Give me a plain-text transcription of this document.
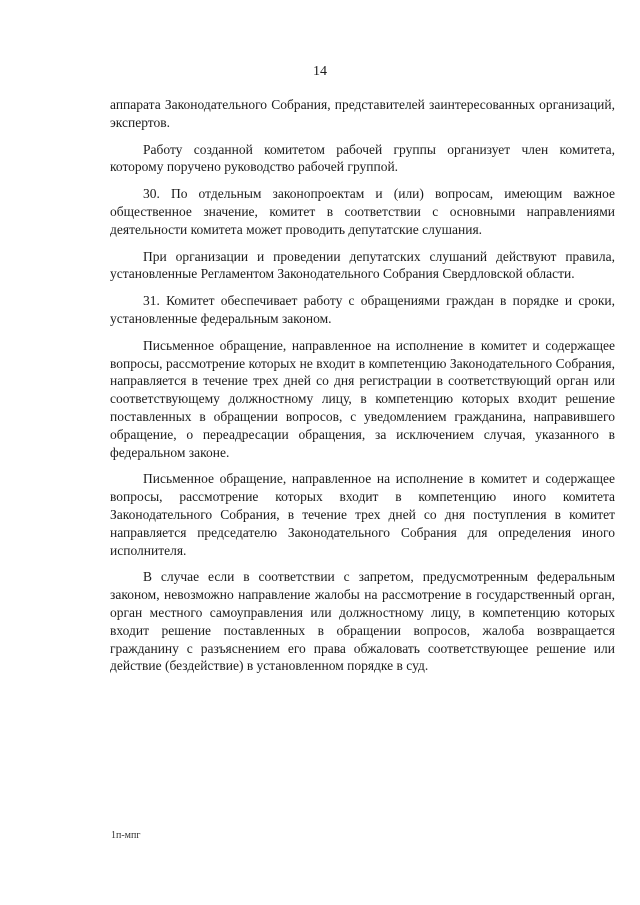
14

аппарата Законодательного Собрания, представителей заинтересованных организаций, экспертов.

Работу созданной комитетом рабочей группы организует член комитета, которому поручено руководство рабочей группой.

30. По отдельным законопроектам и (или) вопросам, имеющим важное общественное значение, комитет в соответствии с основными направлениями деятельности комитета может проводить депутатские слушания.

При организации и проведении депутатских слушаний действуют правила, установленные Регламентом Законодательного Собрания Свердловской области.

31. Комитет обеспечивает работу с обращениями граждан в порядке и сроки, установленные федеральным законом.

Письменное обращение, направленное на исполнение в комитет и содержащее вопросы, рассмотрение которых не входит в компетенцию Законодательного Собрания, направляется в течение трех дней со дня регистрации в соответствующий орган или соответствующему должностному лицу, в компетенцию которых входит решение поставленных в обращении вопросов, с уведомлением гражданина, направившего обращение, о переадресации обращения, за исключением случая, указанного в федеральном законе.

Письменное обращение, направленное на исполнение в комитет и содержащее вопросы, рассмотрение которых входит в компетенцию иного комитета Законодательного Собрания, в течение трех дней со дня поступления в комитет направляется председателю Законодательного Собрания для определения иного исполнителя.

В случае если в соответствии с запретом, предусмотренным федеральным законом, невозможно направление жалобы на рассмотрение в государственный орган, орган местного самоуправления или должностному лицу, в компетенцию которых входит решение поставленных в обращении вопросов, жалоба возвращается гражданину с разъяснением его права обжаловать соответствующее решение или действие (бездействие) в установленном порядке в суд.

1п-мпг
